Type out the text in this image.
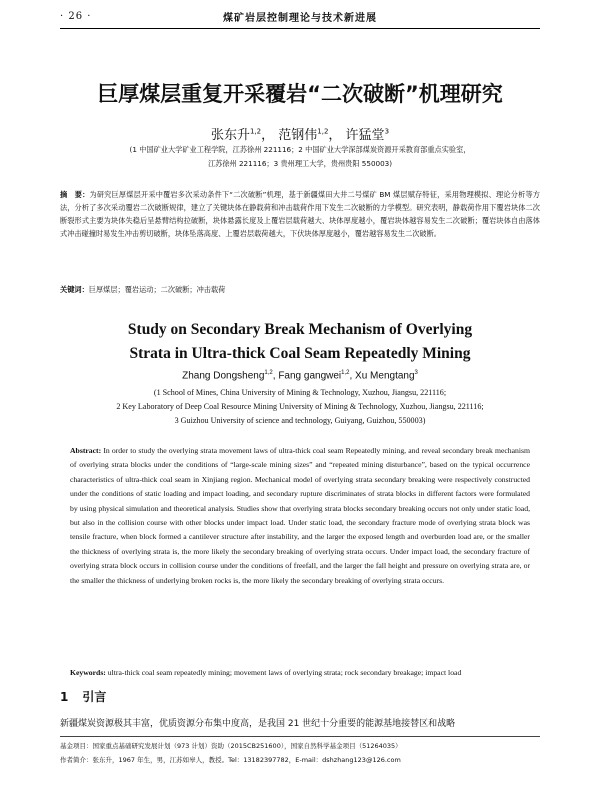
· 26 ·	煤矿岩层控制理论与技术新进展
巨厚煤层重复开采覆岩“二次破断”机理研究
张东升$^{1,2}$， 范钢伟$^{1,2}$， 许猛堂$^3$
(1 中国矿业大学矿业工程学院，江苏徐州 221116；2 中国矿业大学深部煤炭资源开采教育部重点实验室，
江苏徐州 221116；3 贵州理工大学，贵州贵阳 550003)
摘　要：为研究巨厚煤层开采中覆岩多次采动条件下“二次破断”机理，基于新疆煤田大井二号煤矿 BM 煤层赋存特征，采用物理模拟、理论分析等方法，分析了多次采动覆岩二次破断规律，建立了关键块体在静载荷和冲击载荷作用下发生二次破断的力学模型。研究表明，静载荷作用下覆岩块体二次断裂形式主要为块体失稳后呈悬臂结构拉破断，块体悬露长度及上覆岩层载荷越大、块体厚度越小，覆岩块体越容易发生二次破断；覆岩块体自由落体式冲击碰撞时易发生冲击剪切破断，块体坠落高度、上覆岩层载荷越大，下伏块体厚度越小，覆岩越容易发生二次破断。
关键词：巨厚煤层；覆岩运动；二次破断；冲击载荷
Study on Secondary Break Mechanism of Overlying
Strata in Ultra-thick Coal Seam Repeatedly Mining
Zhang Dongsheng$^{1,2}$, Fang gangwei$^{1,2}$, Xu Mengtang$^3$
(1 School of Mines, China University of Mining & Technology, Xuzhou, Jiangsu, 221116;
2 Key Laboratory of Deep Coal Resource Mining University of Mining & Technology, Xuzhou, Jiangsu, 221116;
3 Guizhou University of science and technology, Guiyang, Guizhou, 550003)
Abstract: In order to study the overlying strata movement laws of ultra-thick coal seam Repeatedly mining, and reveal secondary break mechanism of overlying strata blocks under the conditions of “large-scale mining sizes” and “repeated mining disturbance”, based on the typical occurrence characteristics of ultra-thick coal seam in Xinjiang region. Mechanical model of overlying strata secondary breaking were respectively constructed under the conditions of static loading and impact loading, and secondary rupture discriminates of strata blocks in different factors were formulated by using physical simulation and theoretical analysis. Studies show that overlying strata blocks secondary breaking occurs not only under static load, but also in the collision course with other blocks under impact load. Under static load, the secondary fracture mode of overlying strata block was tensile fracture, when block formed a cantilever structure after instability, and the larger the exposed length and overburden load are, or the smaller the thickness of overlying strata is, the more likely the secondary breaking of overlying strata occurs. Under impact load, the secondary fracture of overlying strata block occurs in collision course under the conditions of freefall, and the larger the fall height and pressure on overlying strata are, or the smaller the thickness of underlying broken rocks is, the more likely the secondary breaking of overlying strata occurs.
Keywords: ultra-thick coal seam repeatedly mining; movement laws of overlying strata; rock secondary breakage; impact load
1 引言
新疆煤炭资源极其丰富，优质资源分布集中度高，是我国 21 世纪十分重要的能源基地接替区和战略
基金项目：国家重点基础研究发展计划（973 计划）资助（2015CB251600），国家自然科学基金项目（51264035）
作者简介：张东升，1967 年生，男，江苏如皋人，教授。Tel：13182397782，E-mail：dshzhang123@126.com
